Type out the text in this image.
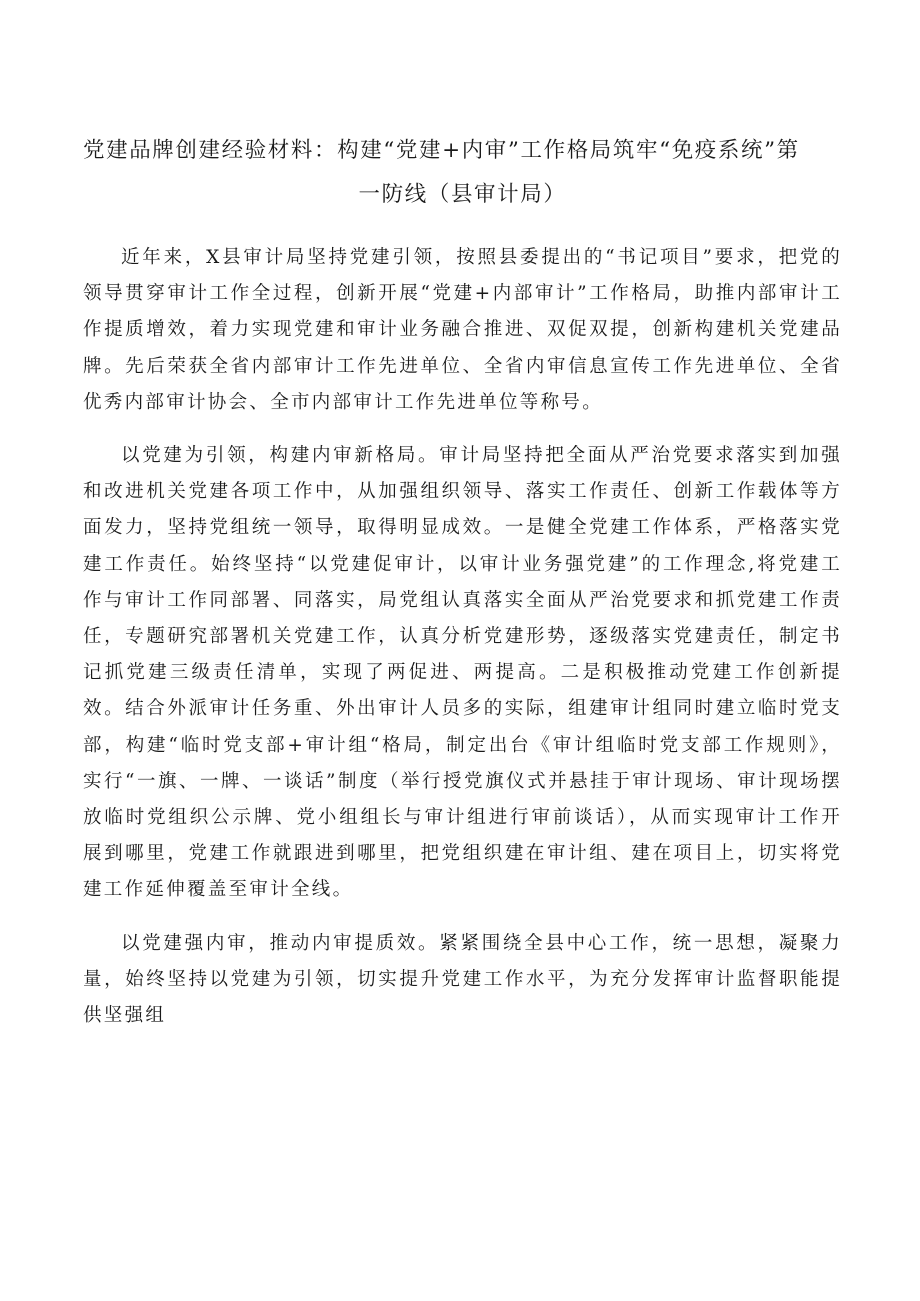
党建品牌创建经验材料：构建“党建+内审”工作格局筑牢“免疫系统”第
一防线（县审计局）

近年来，X县审计局坚持党建引领，按照县委提出的“书记项目”要求，把党的领导贯穿审计工作全过程，创新开展“党建+内部审计”工作格局，助推内部审计工作提质增效，着力实现党建和审计业务融合推进、双促双提，创新构建机关党建品牌。先后荣获全省内部审计工作先进单位、全省内审信息宣传工作先进单位、全省优秀内部审计协会、全市内部审计工作先进单位等称号。

以党建为引领，构建内审新格局。审计局坚持把全面从严治党要求落实到加强和改进机关党建各项工作中，从加强组织领导、落实工作责任、创新工作载体等方面发力，坚持党组统一领导，取得明显成效。一是健全党建工作体系，严格落实党建工作责任。始终坚持“以党建促审计，以审计业务强党建”的工作理念,将党建工作与审计工作同部署、同落实，局党组认真落实全面从严治党要求和抓党建工作责任，专题研究部署机关党建工作，认真分析党建形势，逐级落实党建责任，制定书记抓党建三级责任清单，实现了两促进、两提高。二是积极推动党建工作创新提效。结合外派审计任务重、外出审计人员多的实际，组建审计组同时建立临时党支部，构建“临时党支部+审计组“格局，制定出台《审计组临时党支部工作规则》，实行“一旗、一牌、一谈话”制度（举行授党旗仪式并悬挂于审计现场、审计现场摆放临时党组织公示牌、党小组组长与审计组进行审前谈话），从而实现审计工作开展到哪里，党建工作就跟进到哪里，把党组织建在审计组、建在项目上，切实将党建工作延伸覆盖至审计全线。

以党建强内审，推动内审提质效。紧紧围绕全县中心工作，统一思想，凝聚力量，始终坚持以党建为引领，切实提升党建工作水平，为充分发挥审计监督职能提供坚强组
